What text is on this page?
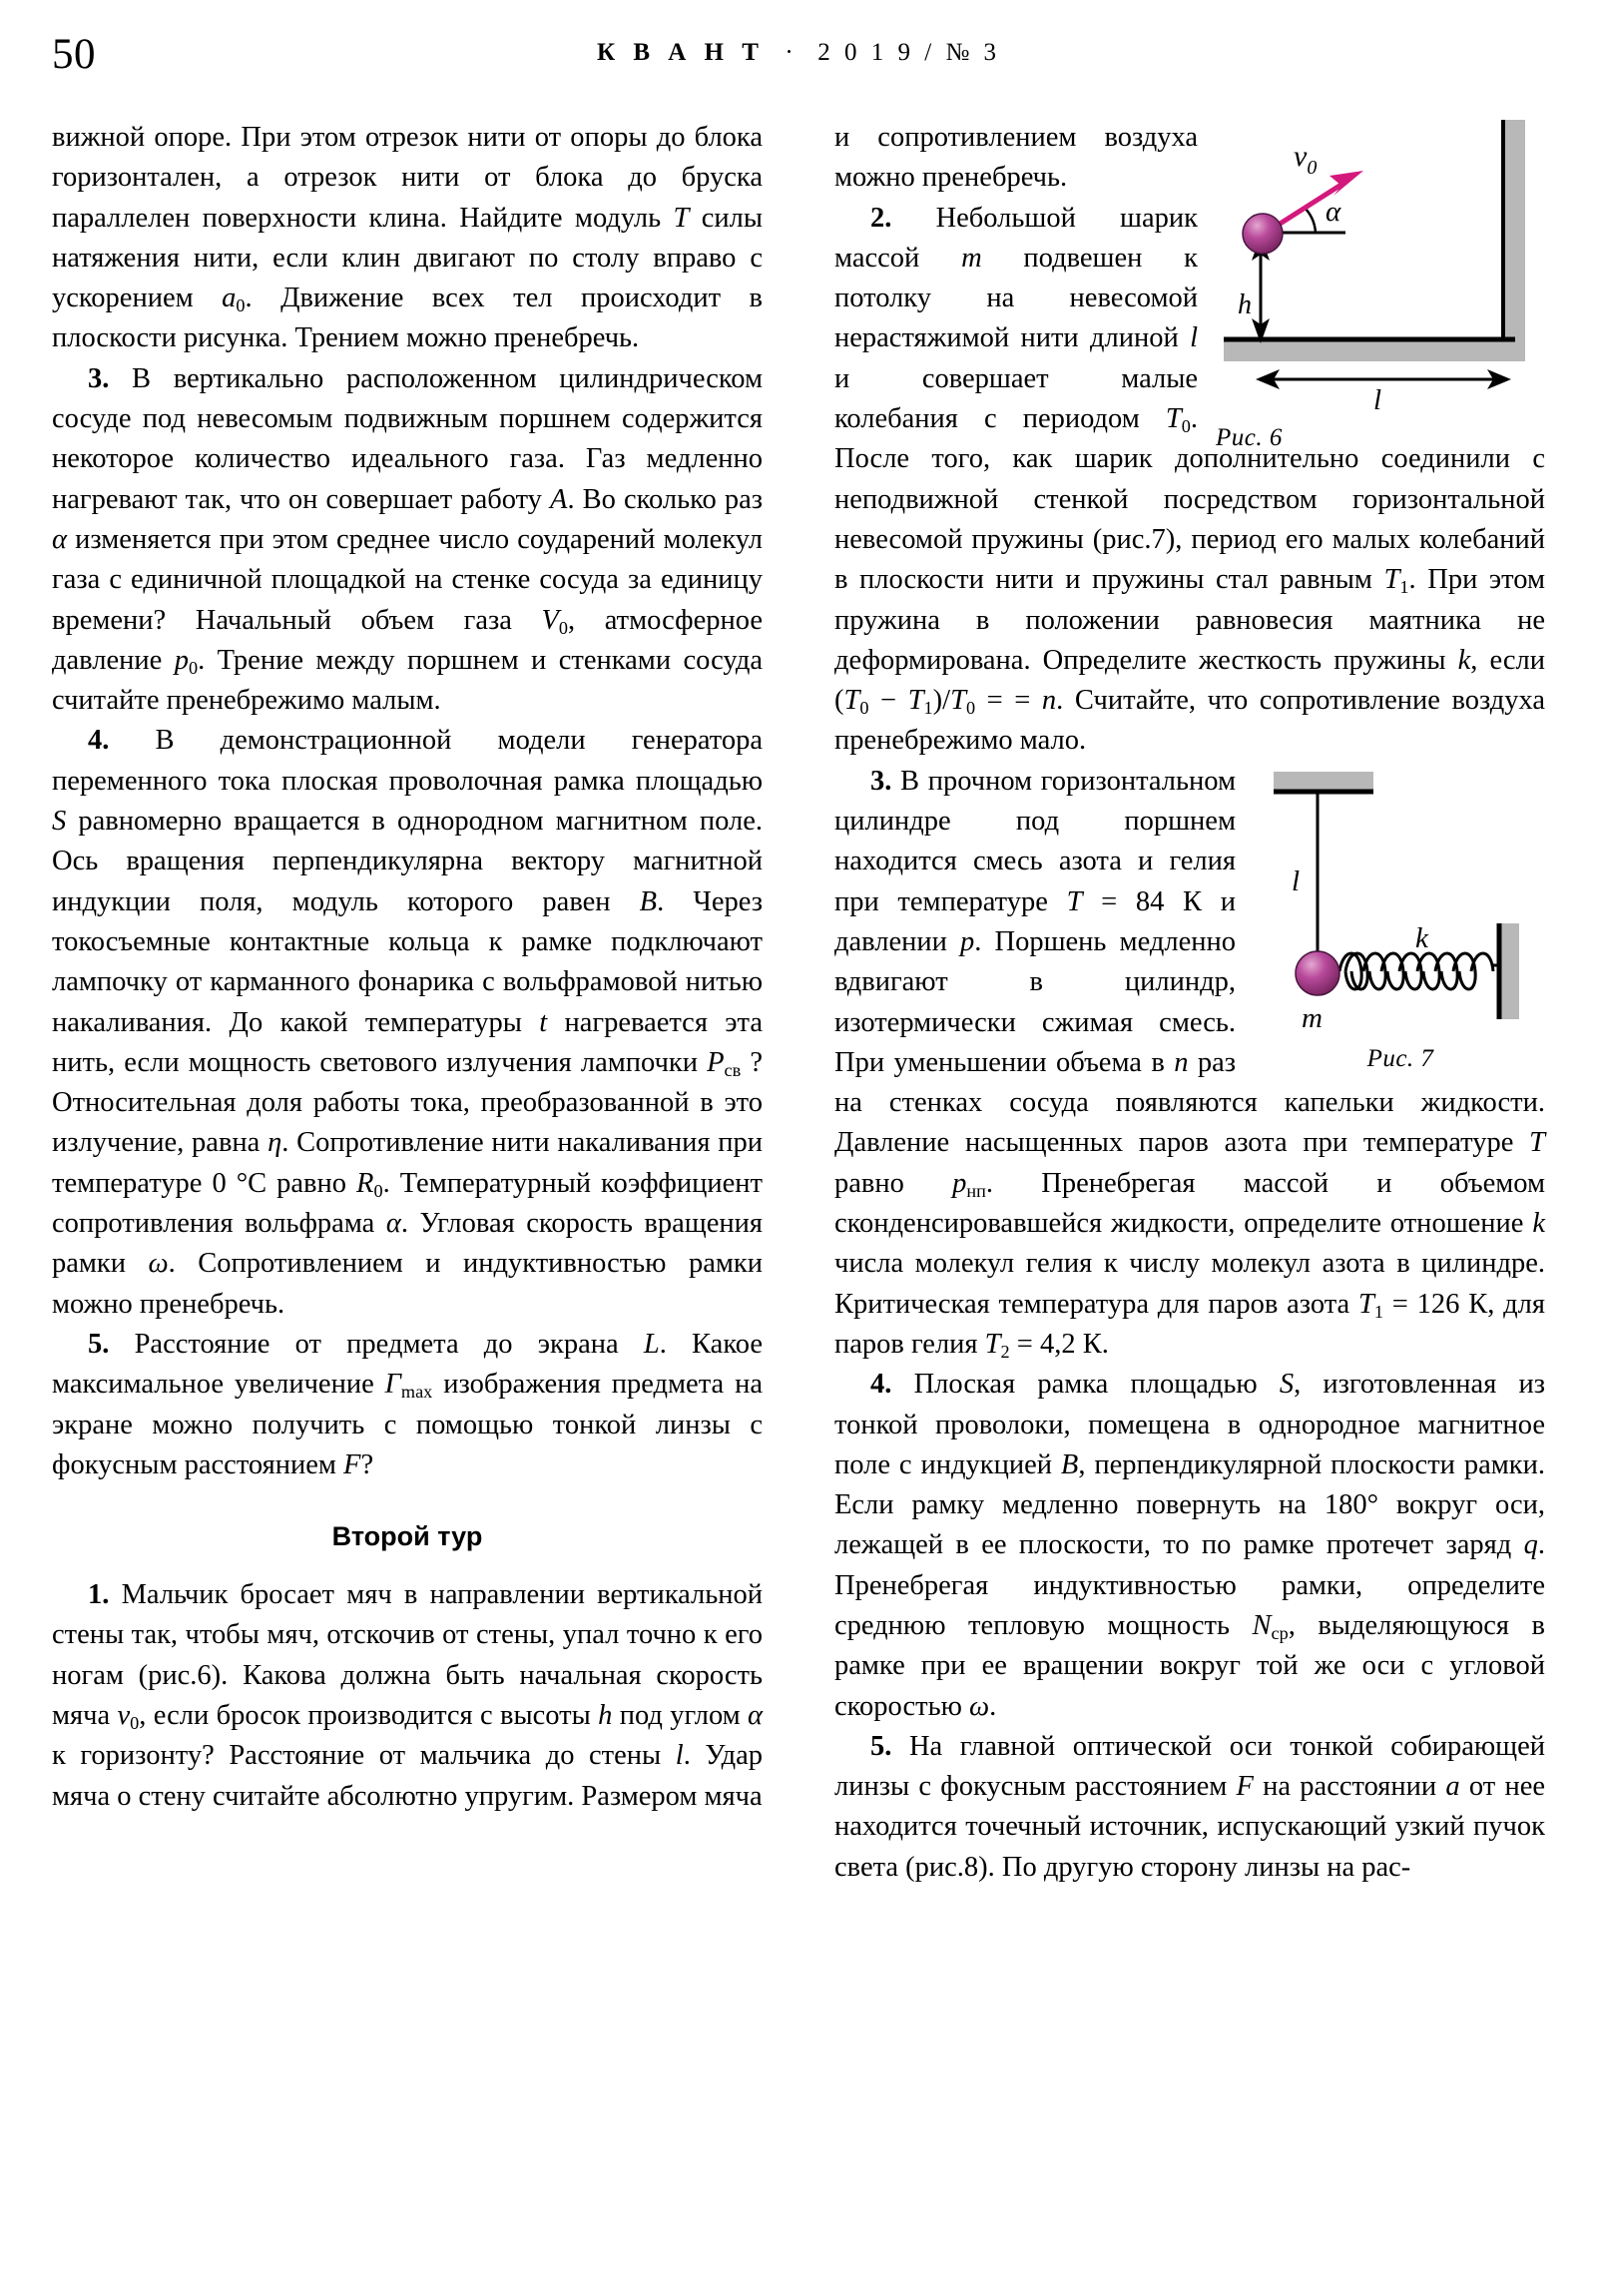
50	К В А Н Т · 2 0 1 9 / № 3

вижной опоре. При этом отрезок нити от опоры до блока горизонтален, а отрезок нити от блока до бруска параллелен поверхности клина. Найдите модуль T силы натяжения нити, если клин двигают по столу вправо с ускорением $a_0$. Движение всех тел происходит в плоскости рисунка. Трением можно пренебречь.

3. В вертикально расположенном цилиндрическом сосуде под невесомым подвижным поршнем содержится некоторое количество идеального газа. Газ медленно нагревают так, что он совершает работу A. Во сколько раз α изменяется при этом среднее число соударений молекул газа с единичной площадкой на стенке сосуда за единицу времени? Начальный объем газа $V_0$, атмосферное давление $p_0$. Трение между поршнем и стенками сосуда считайте пренебрежимо малым.

4. В демонстрационной модели генератора переменного тока плоская проволочная рамка площадью S равномерно вращается в однородном магнитном поле. Ось вращения перпендикулярна вектору магнитной индукции поля, модуль которого равен B. Через токосъемные контактные кольца к рамке подключают лампочку от карманного фонарика с вольфрамовой нитью накаливания. До какой температуры t нагревается эта нить, если мощность светового излучения лампочки $P_{св}$ ? Относительная доля работы тока, преобразованной в это излучение, равна η. Сопротивление нити накаливания при температуре 0 °C равно $R_0$. Температурный коэффициент сопротивления вольфрама α. Угловая скорость вращения рамки ω. Сопротивлением и индуктивностью рамки можно пренебречь.

5. Расстояние от предмета до экрана L. Какое максимальное увеличение $\Gamma_{max}$ изображения предмета на экране можно получить с помощью тонкой линзы с фокусным расстоянием F?

Второй тур

1. Мальчик бросает мяч в направлении вертикальной стены так, чтобы мяч, отскочив от стены, упал точно к его ногам (рис.6). Какова должна быть начальная скорость мяча $v_0$, если бросок производится с высоты h под углом α к горизонту? Расстояние от мальчика до стены l. Удар мяча о стену считайте абсолютно упругим. Размером мяча

h
α
$v_0$
l
Рис. 6

и сопротивлением воздуха можно пренебречь.

2. Небольшой шарик массой m подвешен к потолку на невесомой нерастяжимой нити длиной l и совершает малые колебания с периодом $T_0$. После того, как шарик дополнительно соединили с неподвижной стенкой посредством горизонтальной невесомой пружины (рис.7), период его малых колебаний в плоскости нити и пружины стал равным $T_1$. При этом пружина в положении равновесия маятника не деформирована. Определите жесткость пружины k, если $(T_0 - T_1)/T_0$ = = n. Считайте, что сопротивление воздуха пренебрежимо мало.

l
k
m
Рис. 7

3. В прочном горизонтальном цилиндре под поршнем находится смесь азота и гелия при температуре T = 84 К и давлении p. Поршень медленно вдвигают в цилиндр, изотермически сжимая смесь. При уменьшении объема в n раз на стенках сосуда появляются капельки жидкости. Давление насыщенных паров азота при температуре T равно $p_{нп}$. Пренебрегая массой и объемом сконденсировавшейся жидкости, определите отношение k числа молекул гелия к числу молекул азота в цилиндре. Критическая температура для паров азота $T_1 = 126$ К, для паров гелия $T_2 = 4,2$ К.

4. Плоская рамка площадью S, изготовленная из тонкой проволоки, помещена в однородное магнитное поле с индукцией B, перпендикулярной плоскости рамки. Если рамку медленно повернуть на 180° вокруг оси, лежащей в ее плоскости, то по рамке протечет заряд q. Пренебрегая индуктивностью рамки, определите среднюю тепловую мощность $N_{ср}$, выделяющуюся в рамке при ее вращении вокруг той же оси с угловой скоростью ω.

5. На главной оптической оси тонкой собирающей линзы с фокусным расстоянием F на расстоянии a от нее находится точечный источник, испускающий узкий пучок света (рис.8). По другую сторону линзы на рас-
